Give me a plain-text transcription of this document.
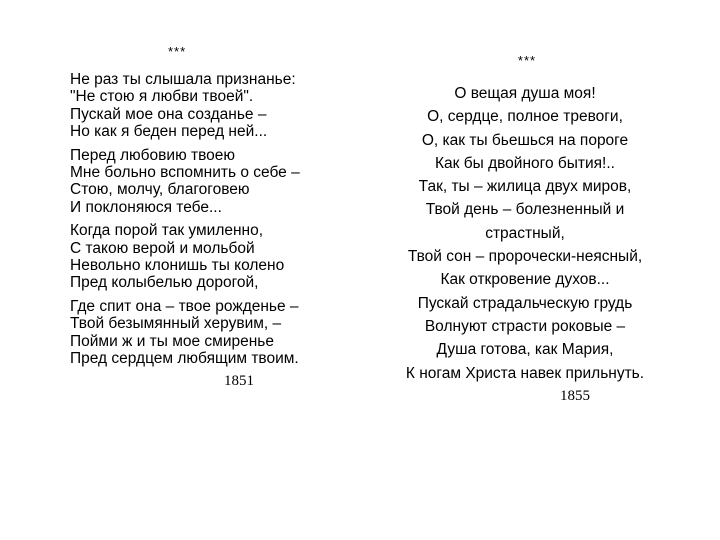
***
Не раз ты слышала признанье:
"Не стою я любви твоей".
Пускай мое она созданье –
Но как я беден перед ней...
Перед любовию твоею
Мне больно вспомнить о себе –
Стою, молчу, благоговею
И поклоняюся тебе...
Когда порой так умиленно,
С такою верой и мольбой
Невольно клонишь ты колено
Пред колыбелью дорогой,
Где спит она – твое рожденье –
Твой безымянный херувим, –
Пойми ж и ты мое смиренье
Пред сердцем любящим твоим.
1851
***
О вещая душа моя!
О, сердце, полное тревоги,
О, как ты бьешься на пороге
Как бы двойного бытия!..
Так, ты – жилица двух миров,
Твой день – болезненный и
страстный,
Твой сон – пророчески-неясный,
Как откровение духов...
Пускай страдальческую грудь
Волнуют страсти роковые –
Душа готова, как Мария,
К ногам Христа навек прильнуть.
1855
